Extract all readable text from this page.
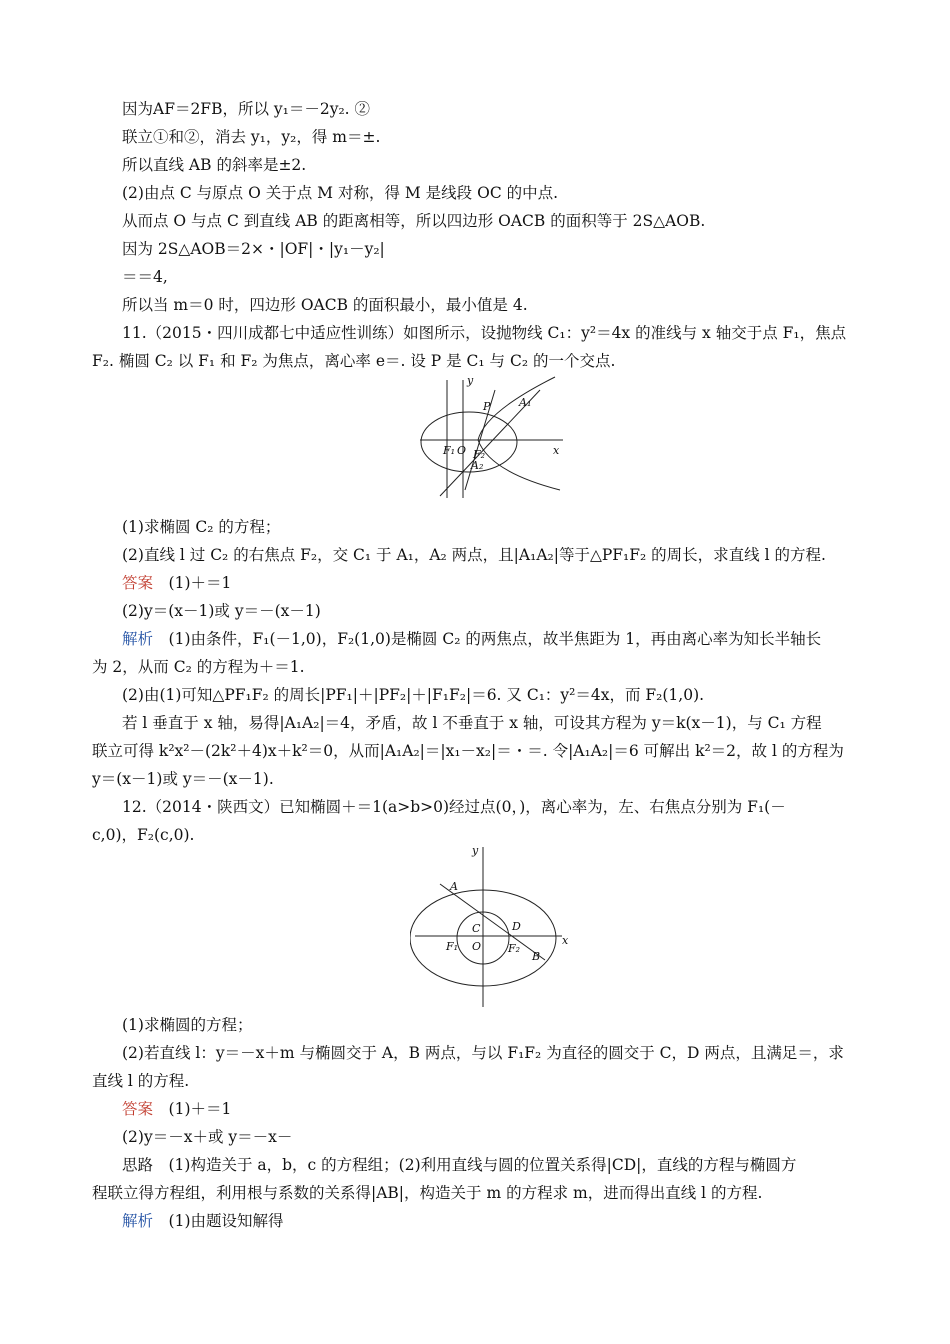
因为AF＝2FB，所以 y₁＝－2y₂. ②
联立①和②，消去 y₁，y₂，得 m＝±.
所以直线 AB 的斜率是±2.
(2)由点 C 与原点 O 关于点 M 对称，得 M 是线段 OC 的中点.
从而点 O 与点 C 到直线 AB 的距离相等，所以四边形 OACB 的面积等于 2S△AOB.
因为 2S△AOB＝2×・|OF|・|y₁－y₂|
＝＝4,
所以当 m＝0 时，四边形 OACB 的面积最小，最小值是 4.
11.（2015・四川成都七中适应性训练）如图所示，设抛物线 C₁：y²＝4x 的准线与 x 轴交于点 F₁，焦点
F₂. 椭圆 C₂ 以 F₁ 和 F₂ 为焦点，离心率 e＝. 设 P 是 C₁ 与 C₂ 的一个交点.
y
x
P	A₁
F₁ O F₂
A₂
(1)求椭圆 C₂ 的方程；
(2)直线 l 过 C₂ 的右焦点 F₂，交 C₁ 于 A₁，A₂ 两点，且|A₁A₂|等于△PF₁F₂ 的周长，求直线 l 的方程.
答案　 (1)＋＝1
(2)y＝(x－1)或 y＝－(x－1)
解析　 (1)由条件，F₁(－1,0)，F₂(1,0)是椭圆 C₂ 的两焦点，故半焦距为 1，再由离心率为知长半轴长
为 2，从而 C₂ 的方程为＋＝1.
(2)由(1)可知△PF₁F₂ 的周长|PF₁|＋|PF₂|＋|F₁F₂|＝6. 又 C₁：y²＝4x，而 F₂(1,0).
若 l 垂直于 x 轴，易得|A₁A₂|＝4，矛盾，故 l 不垂直于 x 轴，可设其方程为 y＝k(x－1)，与 C₁ 方程
联立可得 k²x²－(2k²＋4)x＋k²＝0，从而|A₁A₂|＝|x₁－x₂|＝・＝. 令|A₁A₂|＝6 可解出 k²＝2，故 l 的方程为
y＝(x－1)或 y＝－(x－1).
12.（2014・陕西文）已知椭圆＋＝1(a>b>0)经过点(0，)，离心率为，左、右焦点分别为 F₁(－
c,0)，F₂(c,0).
y
x
A
C	D
F₁ O F₂
B
(1)求椭圆的方程；
(2)若直线 l：y＝－x＋m 与椭圆交于 A，B 两点，与以 F₁F₂ 为直径的圆交于 C，D 两点，且满足＝，求
直线 l 的方程.
答案　 (1)＋＝1
(2)y＝－x＋或 y＝－x－
思路　(1)构造关于 a，b，c 的方程组；(2)利用直线与圆的位置关系得|CD|，直线的方程与椭圆方
程联立得方程组，利用根与系数的关系得|AB|，构造关于 m 的方程求 m，进而得出直线 l 的方程.
解析　 (1)由题设知解得
